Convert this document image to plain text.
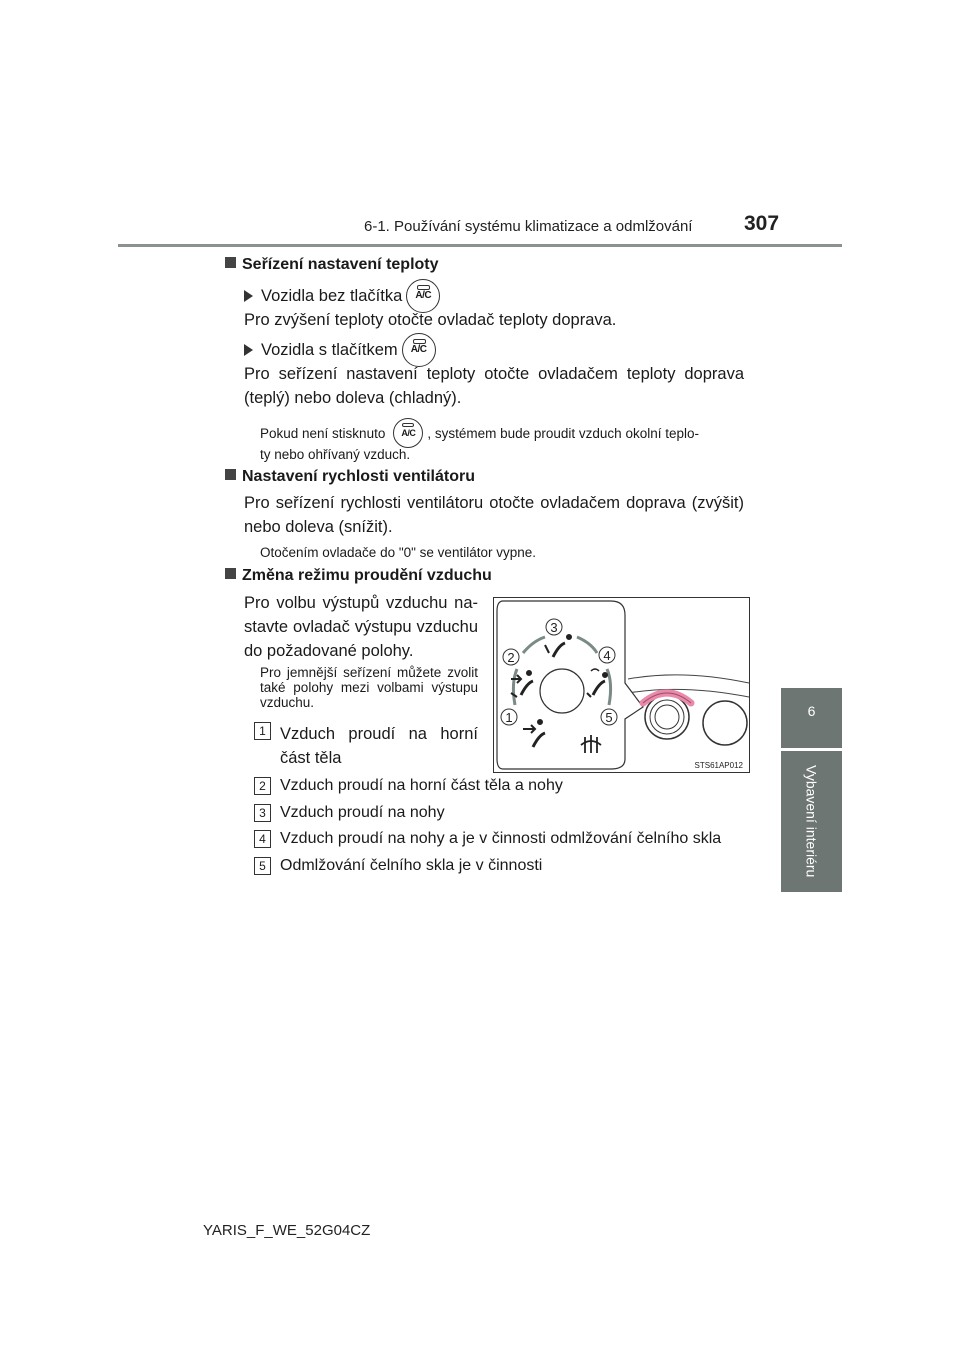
6-1. Používání systému klimatizace a odmlžování 307
6
Vybavení interiéru
Seřízení nastavení teploty
Vozidla bez tlačítka	A/C
Pro zvýšení teploty otočte ovladač teploty doprava.
Vozidla s tlačítkem	A/C
Pro seřízení nastavení teploty otočte ovladačem teploty doprava (teplý) nebo doleva (chladný).
Pokud není stisknuto	A/C , systémem bude proudit vzduch okolní teplo-
ty nebo ohřívaný vzduch.
Nastavení rychlosti ventilátoru
Pro seřízení rychlosti ventilátoru otočte ovladačem doprava (zvýšit) nebo doleva (snížit).
Otočením ovladače do "0" se ventilátor vypne.
Změna režimu proudění vzduchu
Pro volbu výstupů vzduchu na-stavte ovladač výstupu vzduchu do požadované polohy.
Pro jemnější seřízení můžete zvolit také polohy mezi volbami výstupu vzduchu.
1 Vzduch proudí na horní část těla
2 Vzduch proudí na horní část těla a nohy
3 Vzduch proudí na nohy
4 Vzduch proudí na nohy a je v činnosti odmlžování čelního skla
5 Odmlžování čelního skla je v činnosti
1
2
3
4
5
STS61AP012
YARIS_F_WE_52G04CZ
